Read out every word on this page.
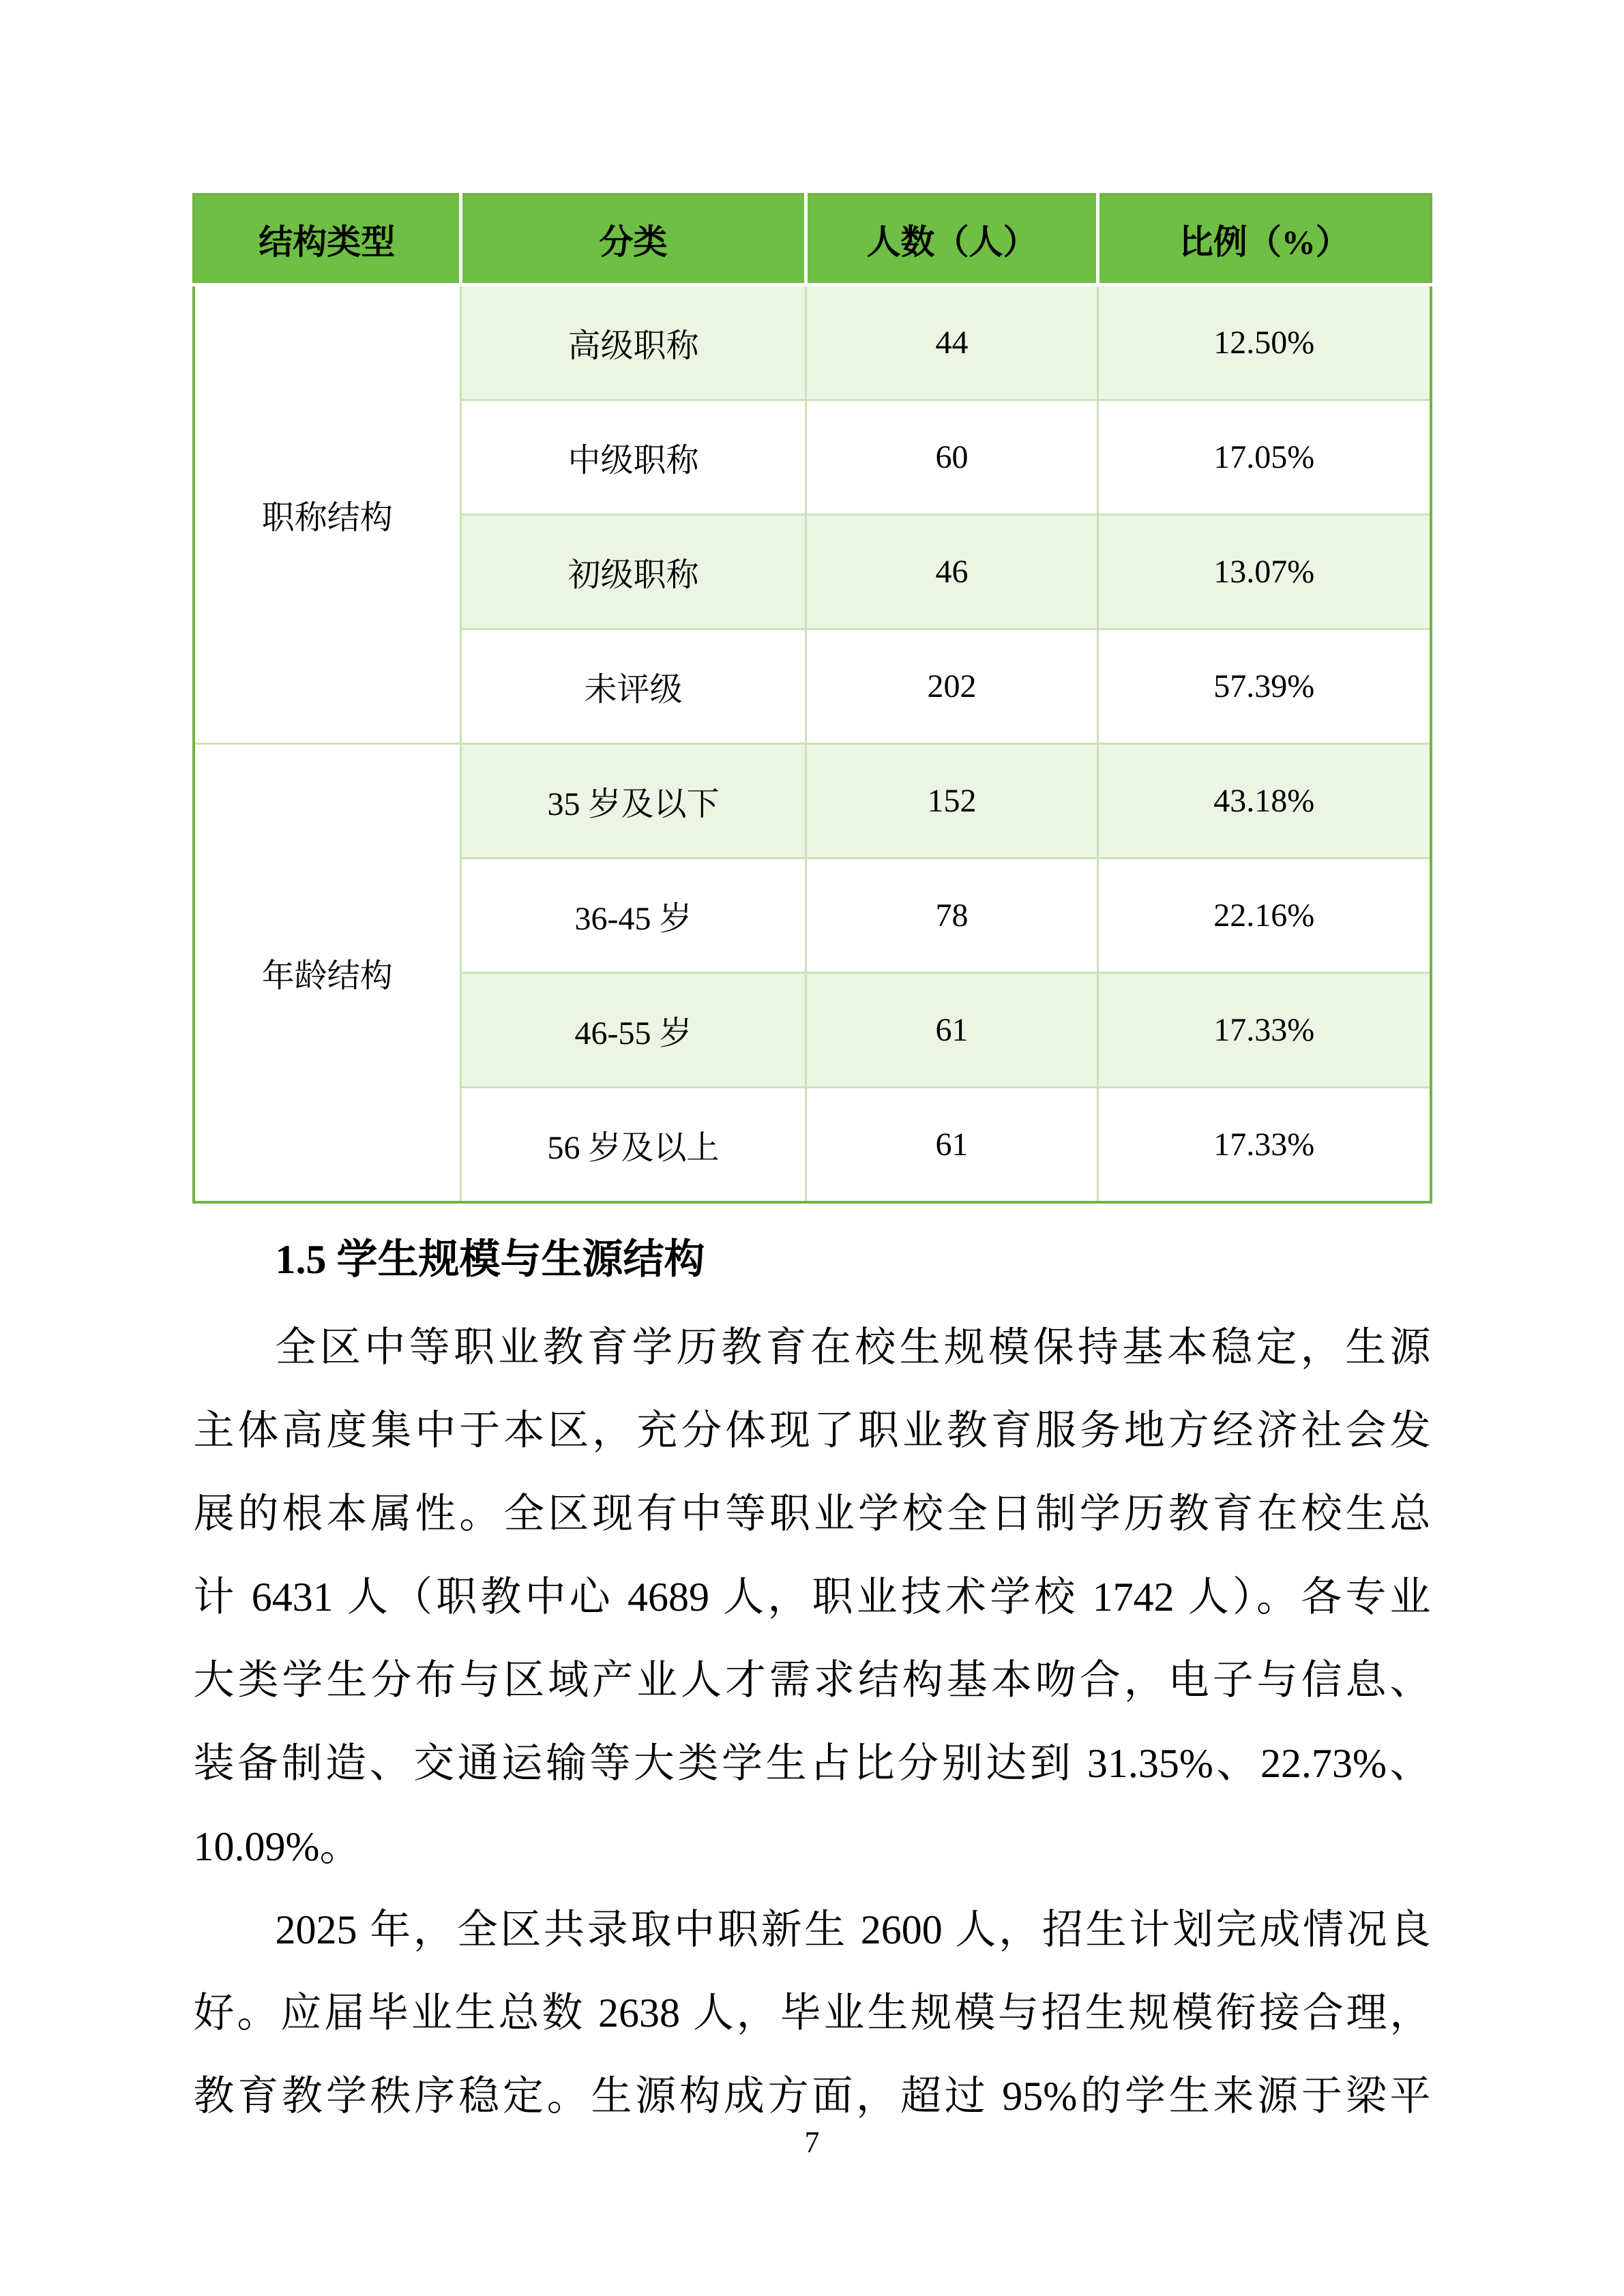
结构类型	分类	人数（人）	比例（%）
职称结构	高级职称	44	12.50%
	中级职称	60	17.05%
	初级职称	46	13.07%
	未评级	202	57.39%
年龄结构	35 岁及以下	152	43.18%
	36-45 岁	78	22.16%
	46-55 岁	61	17.33%
	56 岁及以上	61	17.33%
1.5 学生规模与生源结构
全区中等职业教育学历教育在校生规模保持基本稳定，生源
主体高度集中于本区，充分体现了职业教育服务地方经济社会发
展的根本属性。全区现有中等职业学校全日制学历教育在校生总
计 6431 人（职教中心 4689 人，职业技术学校 1742 人）。各专业
大类学生分布与区域产业人才需求结构基本吻合，电子与信息、
装备制造、交通运输等大类学生占比分别达到 31.35%、22.73%、
10.09%。
2025 年，全区共录取中职新生 2600 人，招生计划完成情况良
好。应届毕业生总数 2638 人，毕业生规模与招生规模衔接合理，
教育教学秩序稳定。生源构成方面，超过 95%的学生来源于梁平
7
